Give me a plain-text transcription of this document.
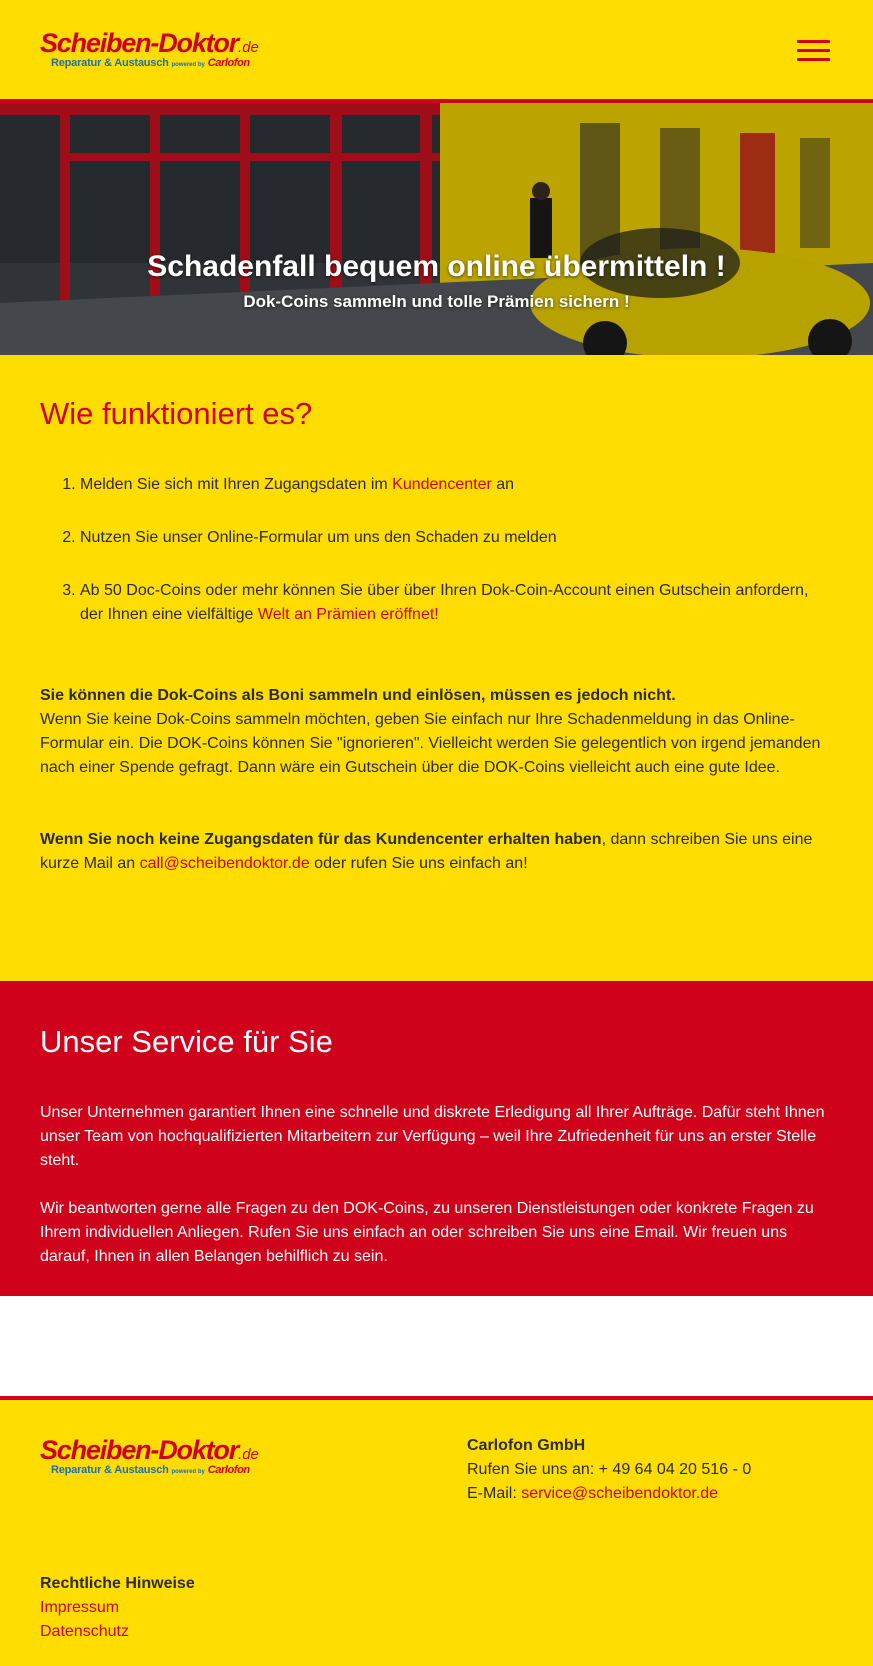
Scheiben-Doktor.de
Reparatur & Austausch powered by Carlofon
Schadenfall bequem online übermitteln !

Dok-Coins sammeln und tolle Prämien sichern !

Wie funktioniert es?
1. Melden Sie sich mit Ihren Zugangsdaten im Kundencenter an
2. Nutzen Sie unser Online-Formular um uns den Schaden zu melden
3. Ab 50 Doc-Coins oder mehr können Sie über über Ihren Dok-Coin-Account einen Gutschein anfordern, der Ihnen eine vielfältige Welt an Prämien eröffnet!

Sie können die Dok-Coins als Boni sammeln und einlösen, müssen es jedoch nicht.
Wenn Sie keine Dok-Coins sammeln möchten, geben Sie einfach nur Ihre Schadenmeldung in das Online-Formular ein. Die DOK-Coins können Sie "ignorieren". Vielleicht werden Sie gelegentlich von irgend jemanden nach einer Spende gefragt. Dann wäre ein Gutschein über die DOK-Coins vielleicht auch eine gute Idee.

Wenn Sie noch keine Zugangsdaten für das Kundencenter erhalten haben, dann schreiben Sie uns eine kurze Mail an call@scheibendoktor.de oder rufen Sie uns einfach an!

Unser Service für Sie

Unser Unternehmen garantiert Ihnen eine schnelle und diskrete Erledigung all Ihrer Aufträge. Dafür steht Ihnen unser Team von hochqualifizierten Mitarbeitern zur Verfügung – weil Ihre Zufriedenheit für uns an erster Stelle steht.

Wir beantworten gerne alle Fragen zu den DOK-Coins, zu unseren Dienstleistungen oder konkrete Fragen zu Ihrem individuellen Anliegen. Rufen Sie uns einfach an oder schreiben Sie uns eine Email. Wir freuen uns darauf, Ihnen in allen Belangen behilflich zu sein.

Scheiben-Doktor.de
Reparatur & Austausch powered by Carlofon
Carlofon GmbH
Rufen Sie uns an: + 49 64 04 20 516 - 0
E-Mail: service@scheibendoktor.de
Rechtliche Hinweise
Impressum
Datenschutz
